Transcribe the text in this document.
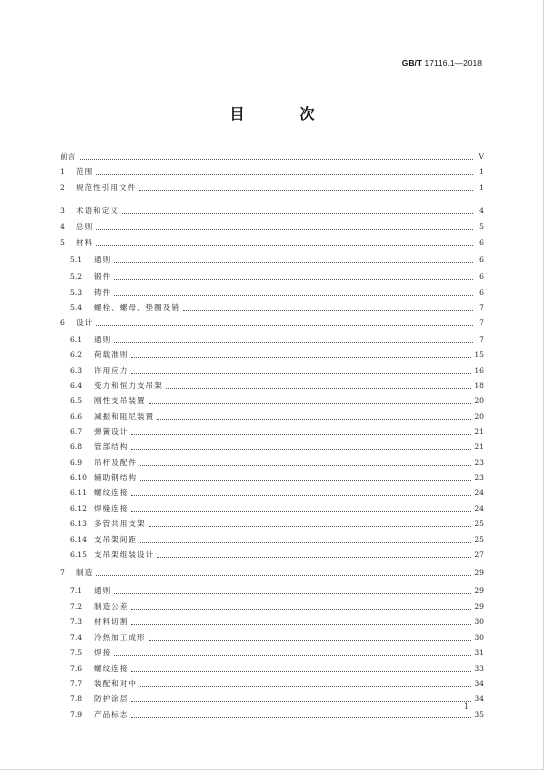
GB/T 17116.1—2018
目　次
前言	V
1	范围	1
2	规范性引用文件	1
3	术语和定义	4
4	总则	5
5	材料	6
5.1	通则	6
5.2	锻件	6
5.3	铸件	6
5.4	螺栓、螺母、垫圈及销	7
6	设计	7
6.1	通则	7
6.2	荷载准则	15
6.3	许用应力	16
6.4	变力和恒力支吊架	18
6.5	刚性支吊装置	20
6.6	减振和阻尼装置	20
6.7	弹簧设计	21
6.8	管部结构	21
6.9	吊杆及配件	23
6.10 辅助钢结构	23
6.11 螺纹连接	24
6.12 焊缝连接	24
6.13 多管共用支架	25
6.14 支吊架间距	25
6.15 支吊架组装设计	27
7	制造	29
7.1	通则	29
7.2	制造公差	29
7.3	材料切割	30
7.4	冷热加工成形	30
7.5	焊接	31
7.6	螺纹连接	33
7.7	装配和对中	34
7.8	防护涂层	34
7.9	产品标志	35
1
